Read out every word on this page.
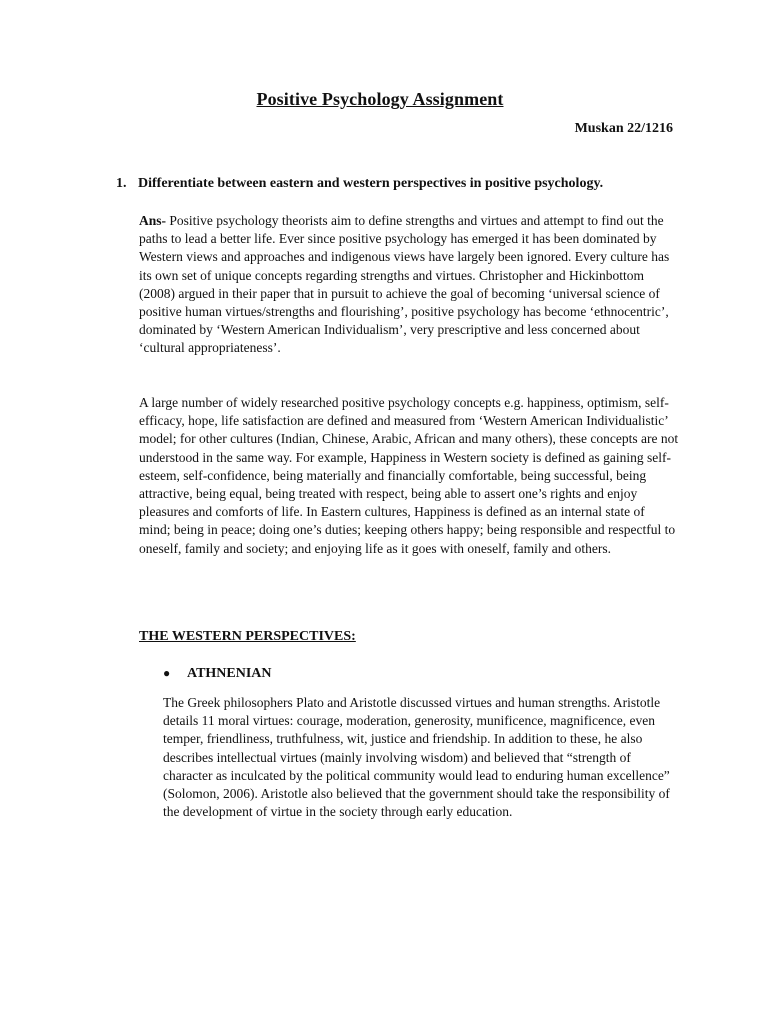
Positive Psychology Assignment
Muskan 22/1216
1. Differentiate between eastern and western perspectives in positive psychology.
Ans- Positive psychology theorists aim to define strengths and virtues and attempt to find out the paths to lead a better life. Ever since positive psychology has emerged it has been dominated by Western views and approaches and indigenous views have largely been ignored. Every culture has its own set of unique concepts regarding strengths and virtues. Christopher and Hickinbottom (2008) argued in their paper that in pursuit to achieve the goal of becoming ‘universal science of positive human virtues/strengths and flourishing’, positive psychology has become ‘ethnocentric’, dominated by ‘Western American Individualism’, very prescriptive and less concerned about ‘cultural appropriateness’.
A large number of widely researched positive psychology concepts e.g. happiness, optimism, self-efficacy, hope, life satisfaction are defined and measured from ‘Western American Individualistic’ model; for other cultures (Indian, Chinese, Arabic, African and many others), these concepts are not understood in the same way. For example, Happiness in Western society is defined as gaining self-esteem, self-confidence, being materially and financially comfortable, being successful, being attractive, being equal, being treated with respect, being able to assert one’s rights and enjoy pleasures and comforts of life. In Eastern cultures, Happiness is defined as an internal state of mind; being in peace; doing one’s duties; keeping others happy; being responsible and respectful to oneself, family and society; and enjoying life as it goes with oneself, family and others.
THE WESTERN PERSPECTIVES:
● ATHNENIAN
The Greek philosophers Plato and Aristotle discussed virtues and human strengths. Aristotle details 11 moral virtues: courage, moderation, generosity, munificence, magnificence, even temper, friendliness, truthfulness, wit, justice and friendship. In addition to these, he also describes intellectual virtues (mainly involving wisdom) and believed that “strength of character as inculcated by the political community would lead to enduring human excellence” (Solomon, 2006). Aristotle also believed that the government should take the responsibility of the development of virtue in the society through early education.
